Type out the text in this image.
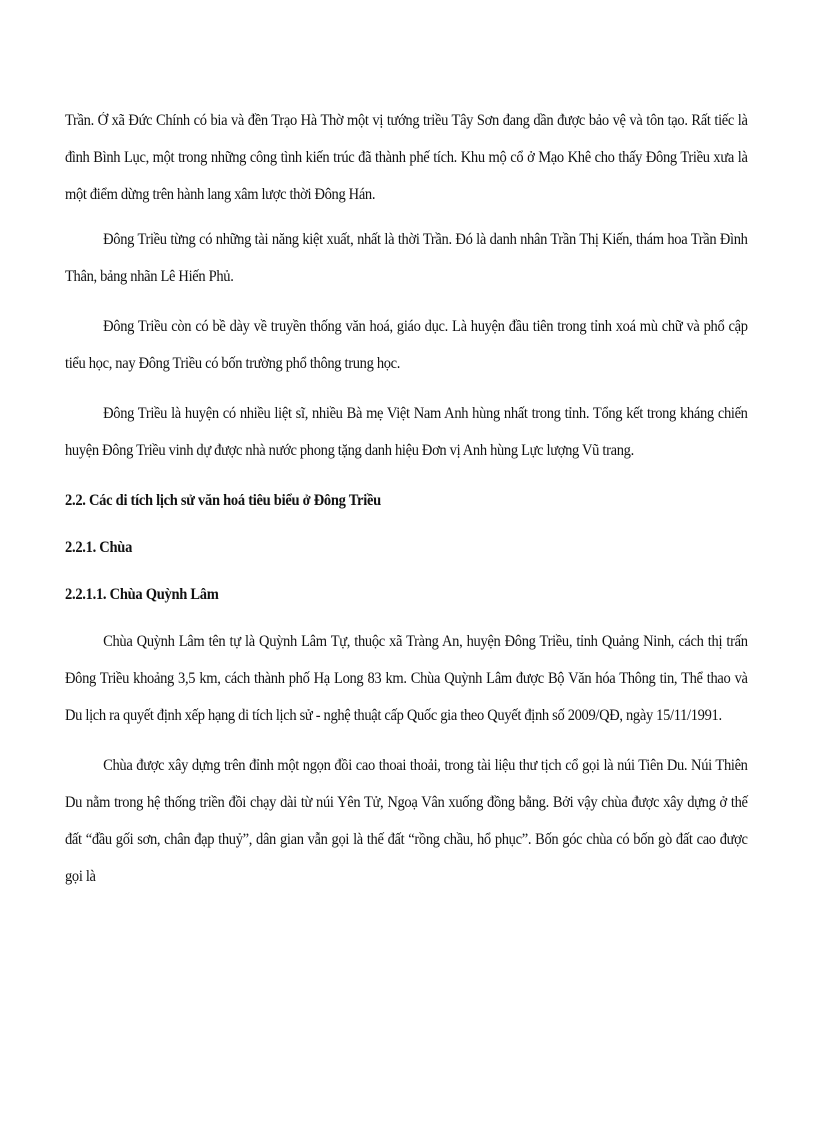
Trần. Ở xã Đức Chính có bia và đền Trạo Hà Thờ một vị tướng triều Tây Sơn đang dần được bảo vệ và tôn tạo. Rất tiếc là đình Bình Lục, một trong những công tình kiến trúc đã thành phế tích. Khu mộ cổ ở Mạo Khê cho thấy Đông Triều xưa là một điểm dừng trên hành lang xâm lược thời Đông Hán.

Đông Triều từng có những tài năng kiệt xuất, nhất là thời Trần. Đó là danh nhân Trần Thị Kiến, thám hoa Trần Đình Thân, bảng nhãn Lê Hiến Phủ.

Đông Triều còn có bề dày về truyền thống văn hoá, giáo dục. Là huyện đầu tiên trong tỉnh xoá mù chữ và phổ cập tiểu học, nay Đông Triều có bốn trường phổ thông trung học.

Đông Triều là huyện có nhiều liệt sĩ, nhiều Bà mẹ Việt Nam Anh hùng nhất trong tỉnh. Tổng kết trong kháng chiến huyện Đông Triều vinh dự được nhà nước phong tặng danh hiệu Đơn vị Anh hùng Lực lượng Vũ trang.

2.2. Các di tích lịch sử văn hoá tiêu biểu ở Đông Triều
2.2.1. Chùa
2.2.1.1. Chùa Quỳnh Lâm

Chùa Quỳnh Lâm tên tự là Quỳnh Lâm Tự, thuộc xã Tràng An, huyện Đông Triều, tỉnh Quảng Ninh, cách thị trấn Đông Triều khoảng 3,5 km, cách thành phố Hạ Long 83 km. Chùa Quỳnh Lâm được Bộ Văn hóa Thông tin, Thể thao và Du lịch ra quyết định xếp hạng di tích lịch sử - nghệ thuật cấp Quốc gia theo Quyết định số 2009/QĐ, ngày 15/11/1991.

Chùa được xây dựng trên đỉnh một ngọn đồi cao thoai thoải, trong tài liệu thư tịch cổ gọi là núi Tiên Du. Núi Thiên Du nằm trong hệ thống triền đồi chạy dài từ núi Yên Tử, Ngoạ Vân xuống đồng bằng. Bởi vậy chùa được xây dựng ở thế đất “đầu gối sơn, chân đạp thuỷ”, dân gian vẫn gọi là thế đất “rồng chầu, hổ phục”. Bốn góc chùa có bốn gò đất cao được gọi là
